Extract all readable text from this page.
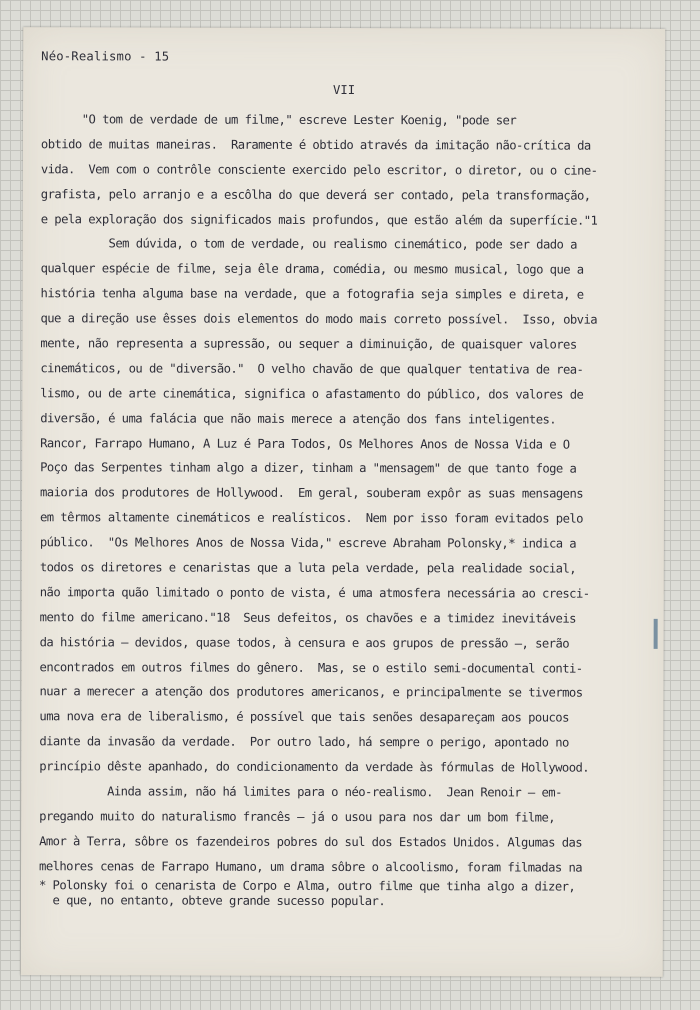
Néo-Realismo - 15
VII
"O tom de verdade de um filme," escreve Lester Koenig, "pode ser
obtido de muitas maneiras.  Raramente é obtido através da imitação não-crítica da
vida.  Vem com o contrôle consciente exercido pelo escritor, o diretor, ou o cine-
grafista, pelo arranjo e a escôlha do que deverá ser contado, pela transformação,
e pela exploração dos significados mais profundos, que estão além da superfície."1
Sem dúvida, o tom de verdade, ou realismo cinemático, pode ser dado a
qualquer espécie de filme, seja êle drama, comédia, ou mesmo musical, logo que a
história tenha alguma base na verdade, que a fotografia seja simples e direta, e
que a direção use êsses dois elementos do modo mais correto possível.  Isso, obvia
mente, não representa a supressão, ou sequer a diminuição, de quaisquer valores
cinemáticos, ou de "diversão."  O velho chavão de que qualquer tentativa de rea-
lismo, ou de arte cinemática, significa o afastamento do público, dos valores de
diversão, é uma falácia que não mais merece a atenção dos fans inteligentes.
Rancor, Farrapo Humano, A Luz é Para Todos, Os Melhores Anos de Nossa Vida e O
Poço das Serpentes tinham algo a dizer, tinham a "mensagem" de que tanto foge a
maioria dos produtores de Hollywood.  Em geral, souberam expôr as suas mensagens
em têrmos altamente cinemáticos e realísticos.  Nem por isso foram evitados pelo
público.  "Os Melhores Anos de Nossa Vida," escreve Abraham Polonsky,* indica a
todos os diretores e cenaristas que a luta pela verdade, pela realidade social,
não importa quão limitado o ponto de vista, é uma atmosfera necessária ao cresci-
mento do filme americano."18  Seus defeitos, os chavões e a timidez inevitáveis
da história — devidos, quase todos, à censura e aos grupos de pressão —, serão
encontrados em outros filmes do gênero.  Mas, se o estilo semi-documental conti-
nuar a merecer a atenção dos produtores americanos, e principalmente se tivermos
uma nova era de liberalismo, é possível que tais senões desapareçam aos poucos
diante da invasão da verdade.  Por outro lado, há sempre o perigo, apontado no
princípio dêste apanhado, do condicionamento da verdade às fórmulas de Hollywood.
Ainda assim, não há limites para o néo-realismo.  Jean Renoir — em-
pregando muito do naturalismo francês — já o usou para nos dar um bom filme,
Amor à Terra, sôbre os fazendeiros pobres do sul dos Estados Unidos. Algumas das
melhores cenas de Farrapo Humano, um drama sôbre o alcoolismo, foram filmadas na
* Polonsky foi o cenarista de Corpo e Alma, outro filme que tinha algo a dizer,
e que, no entanto, obteve grande sucesso popular.
